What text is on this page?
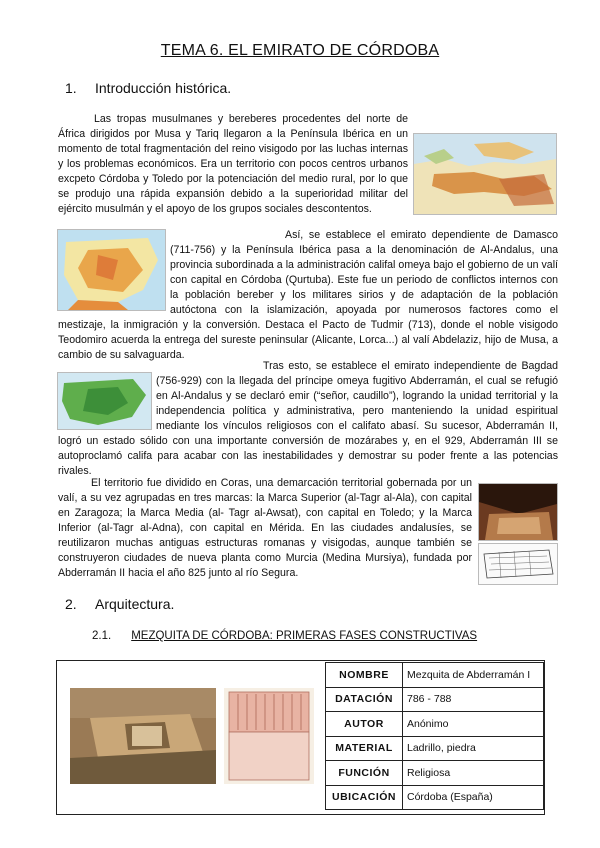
TEMA 6. EL EMIRATO DE CÓRDOBA
1. Introducción histórica.

Las tropas musulmanes y bereberes procedentes del norte de África dirigidos por Musa y Tariq llegaron a la Península Ibérica en un momento de total fragmentación del reino visigodo por las luchas internas y los problemas económicos. Era un territorio con pocos centros urbanos excpeto Córdoba y Toledo por la potenciación del medio rural, por lo que se produjo una rápida expansión debido a la superioridad militar del ejército musulmán y el apoyo de los grupos sociales descontentos.

Así, se establece el emirato dependiente de Damasco (711-756) y la Península Ibérica pasa a la denominación de Al-Andalus, una provincia subordinada a la administración califal omeya bajo el gobierno de un valí con capital en Córdoba (Qurtuba). Este fue un periodo de conflictos internos con la población bereber y los militares sirios y de adaptación de la población autóctona con la islamización, apoyada por numerosos factores como el mestizaje, la inmigración y la conversión. Destaca el Pacto de Tudmir (713), donde el noble visigodo Teodomiro acuerda la entrega del sureste peninsular (Alicante, Lorca...) al valí Abdelaziz, hijo de Musa, a cambio de su salvaguarda.

Tras esto, se establece el emirato independiente de Bagdad (756-929) con la llegada del príncipe omeya fugitivo Abderramán, el cual se refugió en Al-Andalus y se declaró emir (“señor, caudillo”), logrando la unidad territorial y la independencia política y administrativa, pero manteniendo la unidad espiritual mediante los vínculos religiosos con el califato abasí. Su sucesor, Abderramán II, logró un estado sólido con una importante conversión de mozárabes y, en el 929, Abderramán III se autoproclamó califa para acabar con las inestabilidades y demostrar su poder frente a las potencias rivales.

El territorio fue dividido en Coras, una demarcación territorial gobernada por un valí, a su vez agrupadas en tres marcas: la Marca Superior (al-Tagr al-Ala), con capital en Zaragoza; la Marca Media (al- Tagr al-Awsat), con capital en Toledo; y la Marca Inferior (al-Tagr al-Adna), con capital en Mérida. En las ciudades andalusíes, se reutilizaron muchas antiguas estructuras romanas y visigodas, aunque también se construyeron ciudades de nueva planta como Murcia (Medina Mursiya), fundada por Abderramán II hacia el año 825 junto al río Segura.

2. Arquitectura.
2.1. MEZQUITA DE CÓRDOBA: PRIMERAS FASES CONSTRUCTIVAS
NOMBRE	Mezquita de Abderramán I
DATACIÓN	786 - 788
AUTOR	Anónimo
MATERIAL	Ladrillo, piedra
FUNCIÓN	Religiosa
UBICACIÓN	Córdoba (España)
